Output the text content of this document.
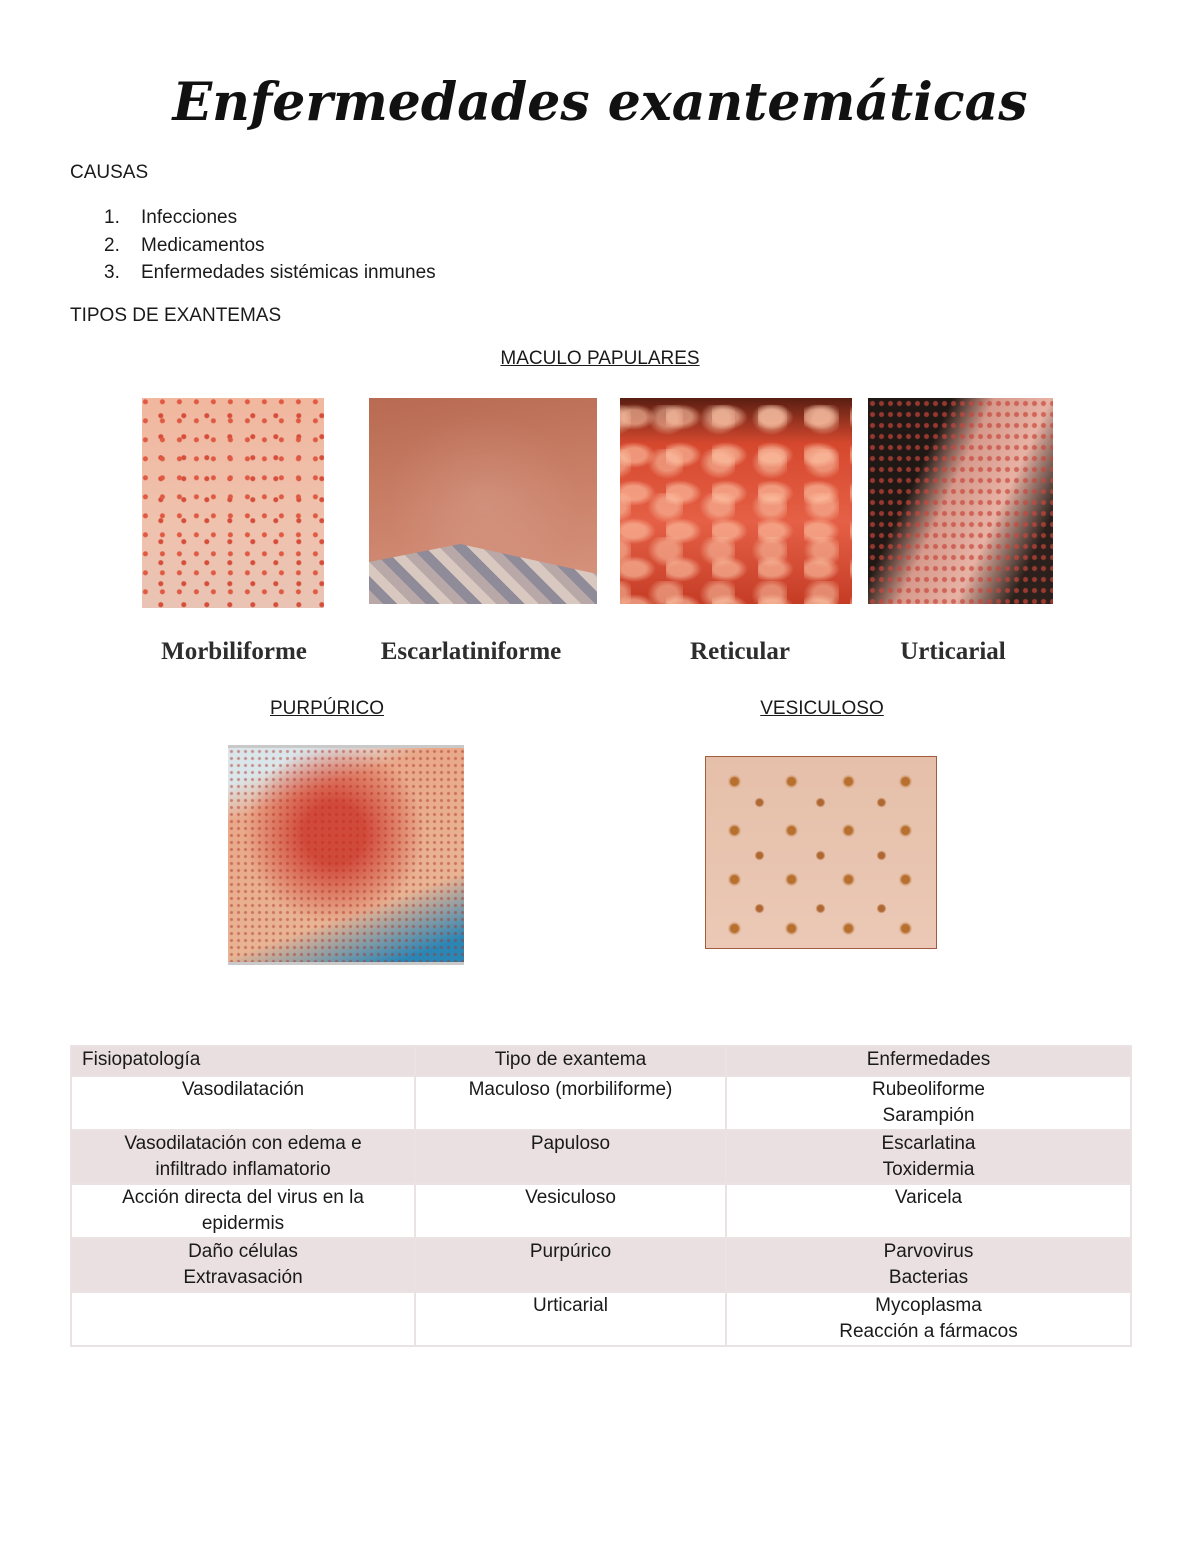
Enfermedades exantemáticas
CAUSAS
1.	Infecciones
2.	Medicamentos
3.	Enfermedades sistémicas inmunes
TIPOS DE EXANTEMAS
MACULO PAPULARES
Morbiliforme	Escarlatiniforme	Reticular	Urticarial
PURPÚRICO	VESICULOSO
Fisiopatología	Tipo de exantema	Enfermedades

Vasodilatación	Maculoso (morbiliforme)	Rubeoliforme
Sarampión

Vasodilatación con edema e
infiltrado inflamatorio	Papuloso	Escarlatina
Toxidermia

Acción directa del virus en la
epidermis	Vesiculoso	Varicela

Daño células
Extravasación	Purpúrico	Parvovirus
Bacterias

	Urticarial	Mycoplasma
Reacción a fármacos
